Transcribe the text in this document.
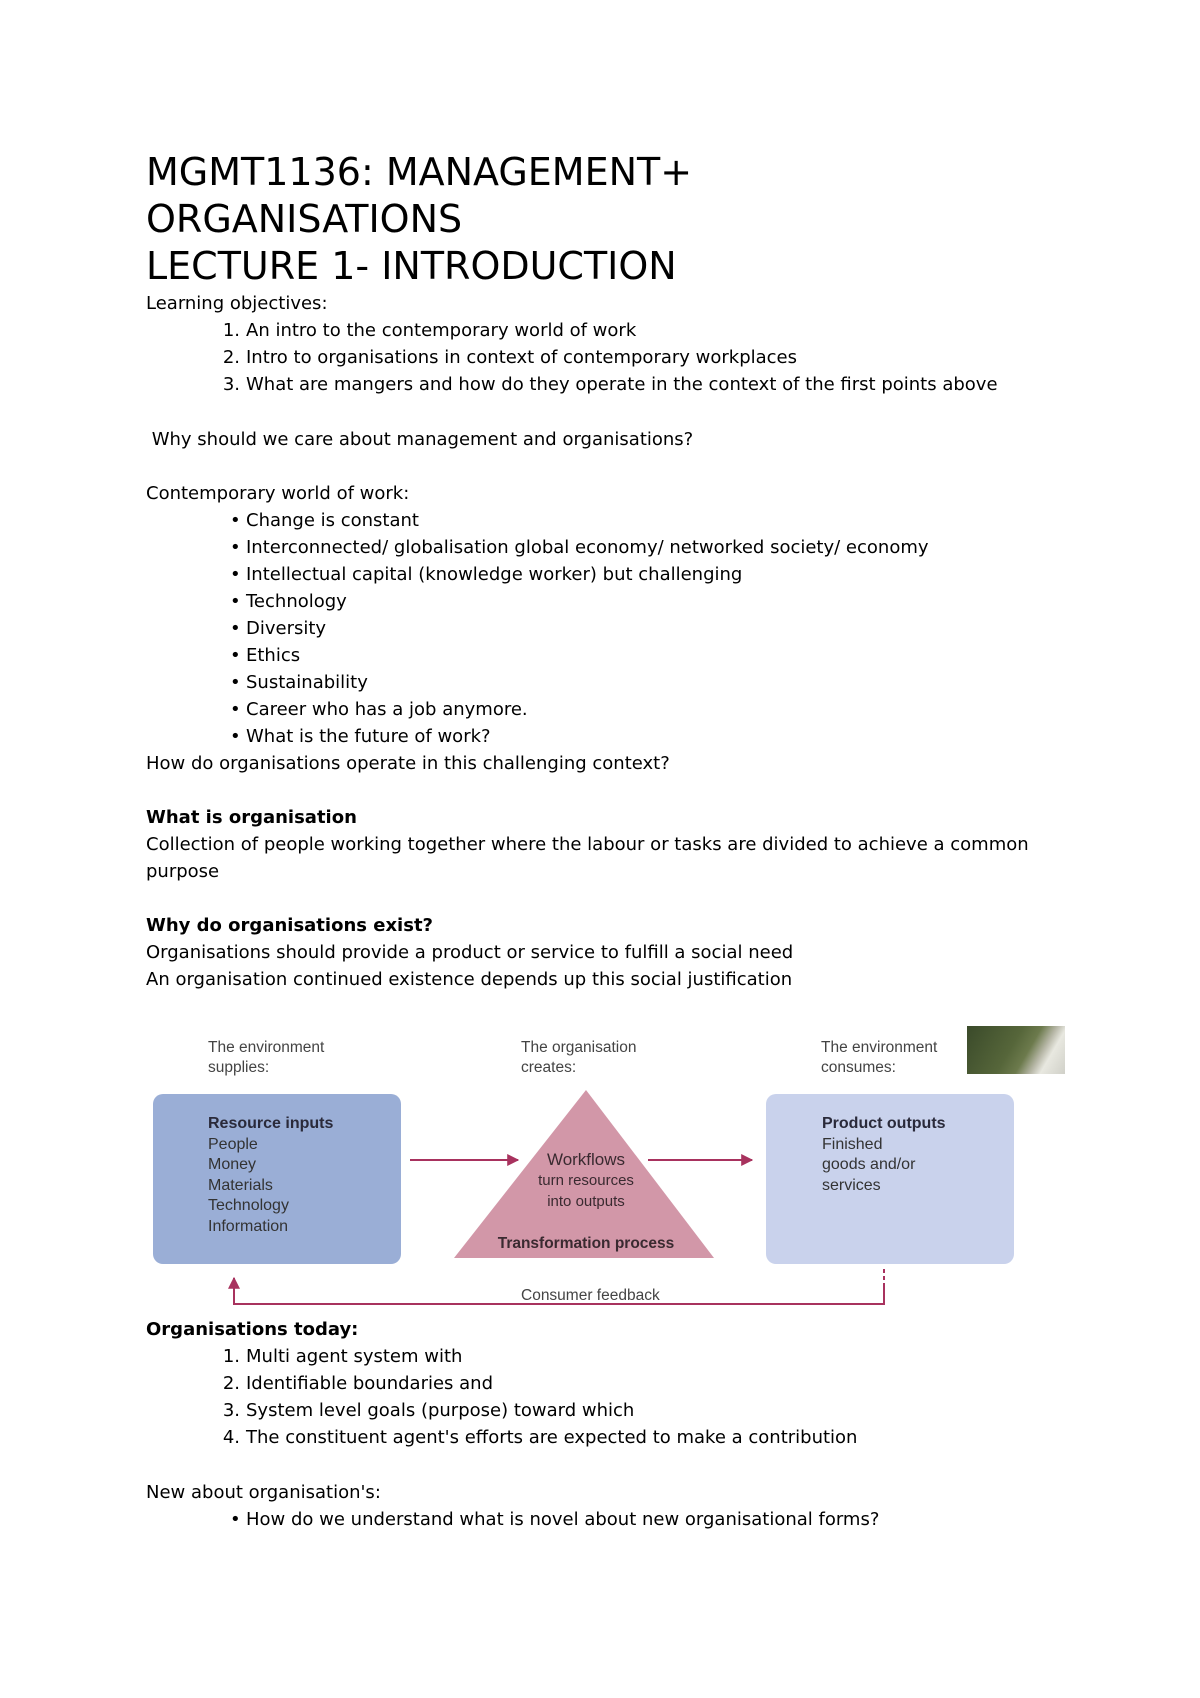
MGMT1136: MANAGEMENT+
ORGANISATIONS
LECTURE 1- INTRODUCTION

Learning objectives:

1. An intro to the contemporary world of work
2. Intro to organisations in context of contemporary workplaces
3. What are mangers and how do they operate in the context of the first points above

Why should we care about management and organisations?

Contemporary world of work:

• Change is constant
• Interconnected/ globalisation global economy/ networked society/ economy
• Intellectual capital (knowledge worker) but challenging
• Technology
• Diversity
• Ethics
• Sustainability
• Career who has a job anymore.
• What is the future of work?

How do organisations operate in this challenging context?

What is organisation

Collection of people working together where the labour or tasks are divided to achieve a common

purpose

Why do organisations exist?

Organisations should provide a product or service to fulfill a social need

An organisation continued existence depends up this social justification

The environment
supplies:
The organisation
creates:
The environment
consumes:
Resource inputs
People
Money
Materials
Technology
Information
Workflows
turn resources
into outputs
Transformation process
Product outputs
Finished
goods and/or
services
Consumer feedback

Organisations today:

1. Multi agent system with
2. Identifiable boundaries and
3. System level goals (purpose) toward which
4. The constituent agent's efforts are expected to make a contribution

New about organisation's:

• How do we understand what is novel about new organisational forms?
